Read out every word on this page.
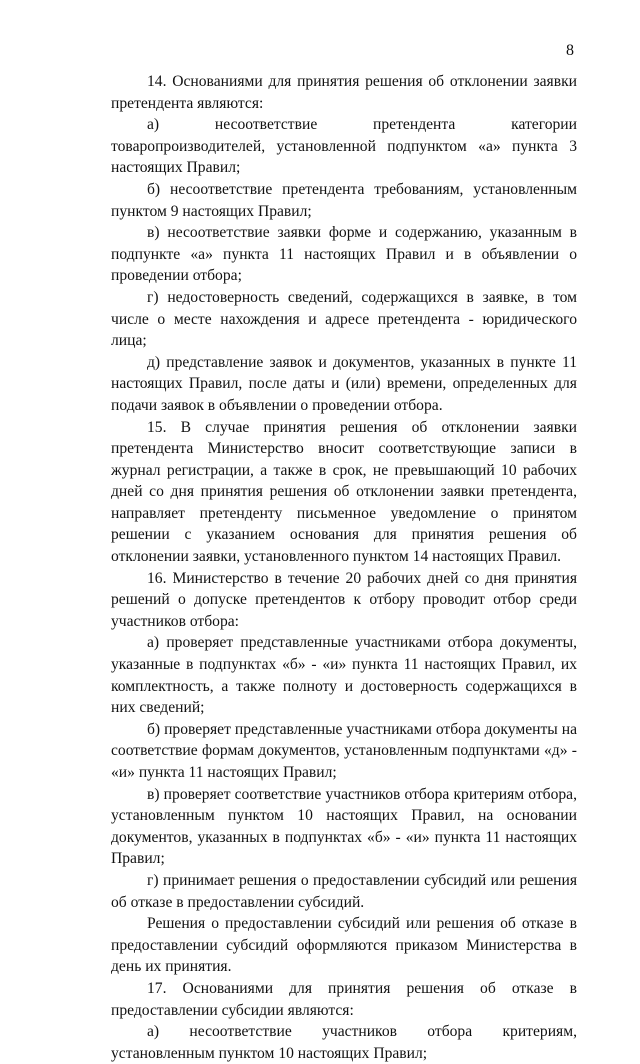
8

14. Основаниями для принятия решения об отклонении заявки претендента являются:

а) несоответствие претендента категории товаропроизводителей, установленной подпунктом «а» пункта 3 настоящих Правил;

б) несоответствие претендента требованиям, установленным пунктом 9 настоящих Правил;

в) несоответствие заявки форме и содержанию, указанным в подпункте «а» пункта 11 настоящих Правил и в объявлении о проведении отбора;

г) недостоверность сведений, содержащихся в заявке, в том числе о месте нахождения и адресе претендента - юридического лица;

д) представление заявок и документов, указанных в пункте 11 настоящих Правил, после даты и (или) времени, определенных для подачи заявок в объявлении о проведении отбора.

15. В случае принятия решения об отклонении заявки претендента Министерство вносит соответствующие записи в журнал регистрации, а также в срок, не превышающий 10 рабочих дней со дня принятия решения об отклонении заявки претендента, направляет претенденту письменное уведомление о принятом решении с указанием основания для принятия решения об отклонении заявки, установленного пунктом 14 настоящих Правил.

16. Министерство в течение 20 рабочих дней со дня принятия решений о допуске претендентов к отбору проводит отбор среди участников отбора:

а) проверяет представленные участниками отбора документы, указанные в подпунктах «б» - «и» пункта 11 настоящих Правил, их комплектность, а также полноту и достоверность содержащихся в них сведений;

б) проверяет представленные участниками отбора документы на соответствие формам документов, установленным подпунктами «д» - «и» пункта 11 настоящих Правил;

в) проверяет соответствие участников отбора критериям отбора, установленным пунктом 10 настоящих Правил, на основании документов, указанных в подпунктах «б» - «и» пункта 11 настоящих Правил;

г) принимает решения о предоставлении субсидий или решения об отказе в предоставлении субсидий.

Решения о предоставлении субсидий или решения об отказе в предоставлении субсидий оформляются приказом Министерства в день их принятия.

17. Основаниями для принятия решения об отказе в предоставлении субсидии являются:

а) несоответствие участников отбора критериям, установленным пунктом 10 настоящих Правил;
